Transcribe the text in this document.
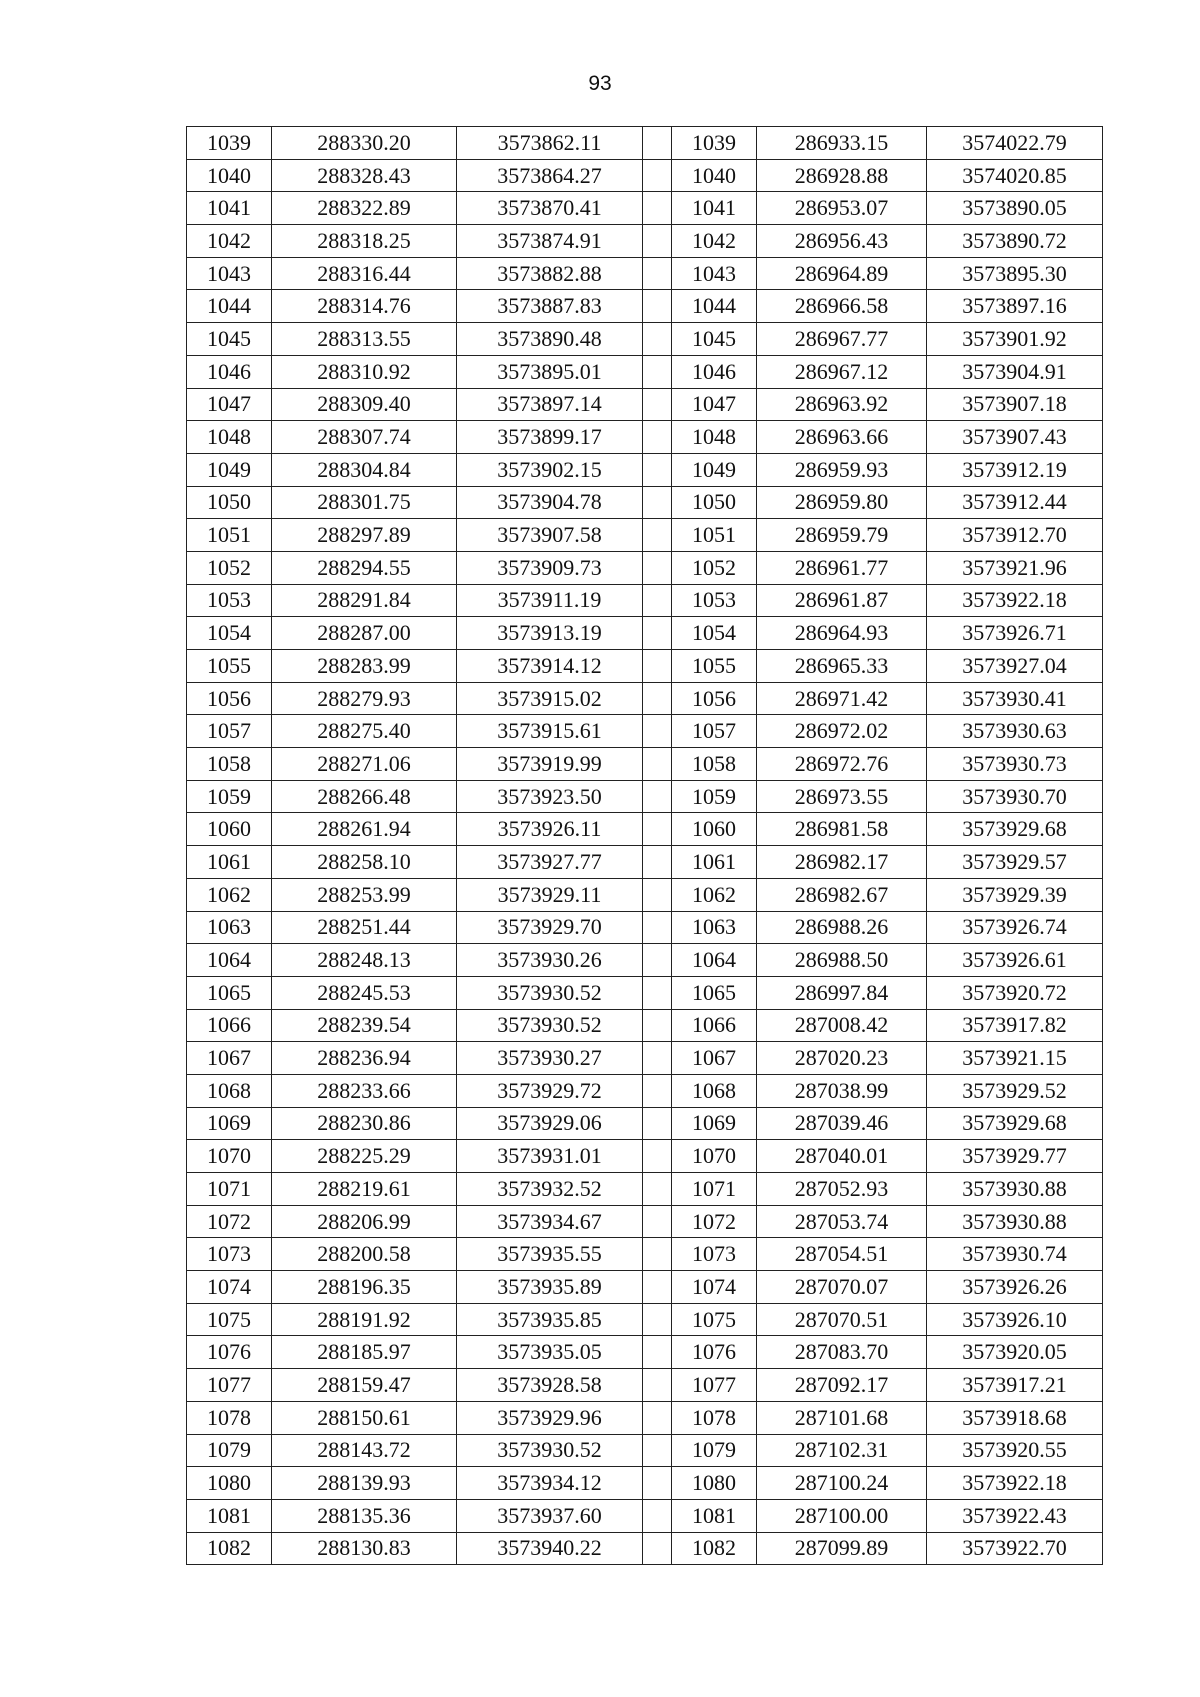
93
1039	288330.20	3573862.11		1039	286933.15	3574022.79
1040	288328.43	3573864.27		1040	286928.88	3574020.85
1041	288322.89	3573870.41		1041	286953.07	3573890.05
1042	288318.25	3573874.91		1042	286956.43	3573890.72
1043	288316.44	3573882.88		1043	286964.89	3573895.30
1044	288314.76	3573887.83		1044	286966.58	3573897.16
1045	288313.55	3573890.48		1045	286967.77	3573901.92
1046	288310.92	3573895.01		1046	286967.12	3573904.91
1047	288309.40	3573897.14		1047	286963.92	3573907.18
1048	288307.74	3573899.17		1048	286963.66	3573907.43
1049	288304.84	3573902.15		1049	286959.93	3573912.19
1050	288301.75	3573904.78		1050	286959.80	3573912.44
1051	288297.89	3573907.58		1051	286959.79	3573912.70
1052	288294.55	3573909.73		1052	286961.77	3573921.96
1053	288291.84	3573911.19		1053	286961.87	3573922.18
1054	288287.00	3573913.19		1054	286964.93	3573926.71
1055	288283.99	3573914.12		1055	286965.33	3573927.04
1056	288279.93	3573915.02		1056	286971.42	3573930.41
1057	288275.40	3573915.61		1057	286972.02	3573930.63
1058	288271.06	3573919.99		1058	286972.76	3573930.73
1059	288266.48	3573923.50		1059	286973.55	3573930.70
1060	288261.94	3573926.11		1060	286981.58	3573929.68
1061	288258.10	3573927.77		1061	286982.17	3573929.57
1062	288253.99	3573929.11		1062	286982.67	3573929.39
1063	288251.44	3573929.70		1063	286988.26	3573926.74
1064	288248.13	3573930.26		1064	286988.50	3573926.61
1065	288245.53	3573930.52		1065	286997.84	3573920.72
1066	288239.54	3573930.52		1066	287008.42	3573917.82
1067	288236.94	3573930.27		1067	287020.23	3573921.15
1068	288233.66	3573929.72		1068	287038.99	3573929.52
1069	288230.86	3573929.06		1069	287039.46	3573929.68
1070	288225.29	3573931.01		1070	287040.01	3573929.77
1071	288219.61	3573932.52		1071	287052.93	3573930.88
1072	288206.99	3573934.67		1072	287053.74	3573930.88
1073	288200.58	3573935.55		1073	287054.51	3573930.74
1074	288196.35	3573935.89		1074	287070.07	3573926.26
1075	288191.92	3573935.85		1075	287070.51	3573926.10
1076	288185.97	3573935.05		1076	287083.70	3573920.05
1077	288159.47	3573928.58		1077	287092.17	3573917.21
1078	288150.61	3573929.96		1078	287101.68	3573918.68
1079	288143.72	3573930.52		1079	287102.31	3573920.55
1080	288139.93	3573934.12		1080	287100.24	3573922.18
1081	288135.36	3573937.60		1081	287100.00	3573922.43
1082	288130.83	3573940.22		1082	287099.89	3573922.70
